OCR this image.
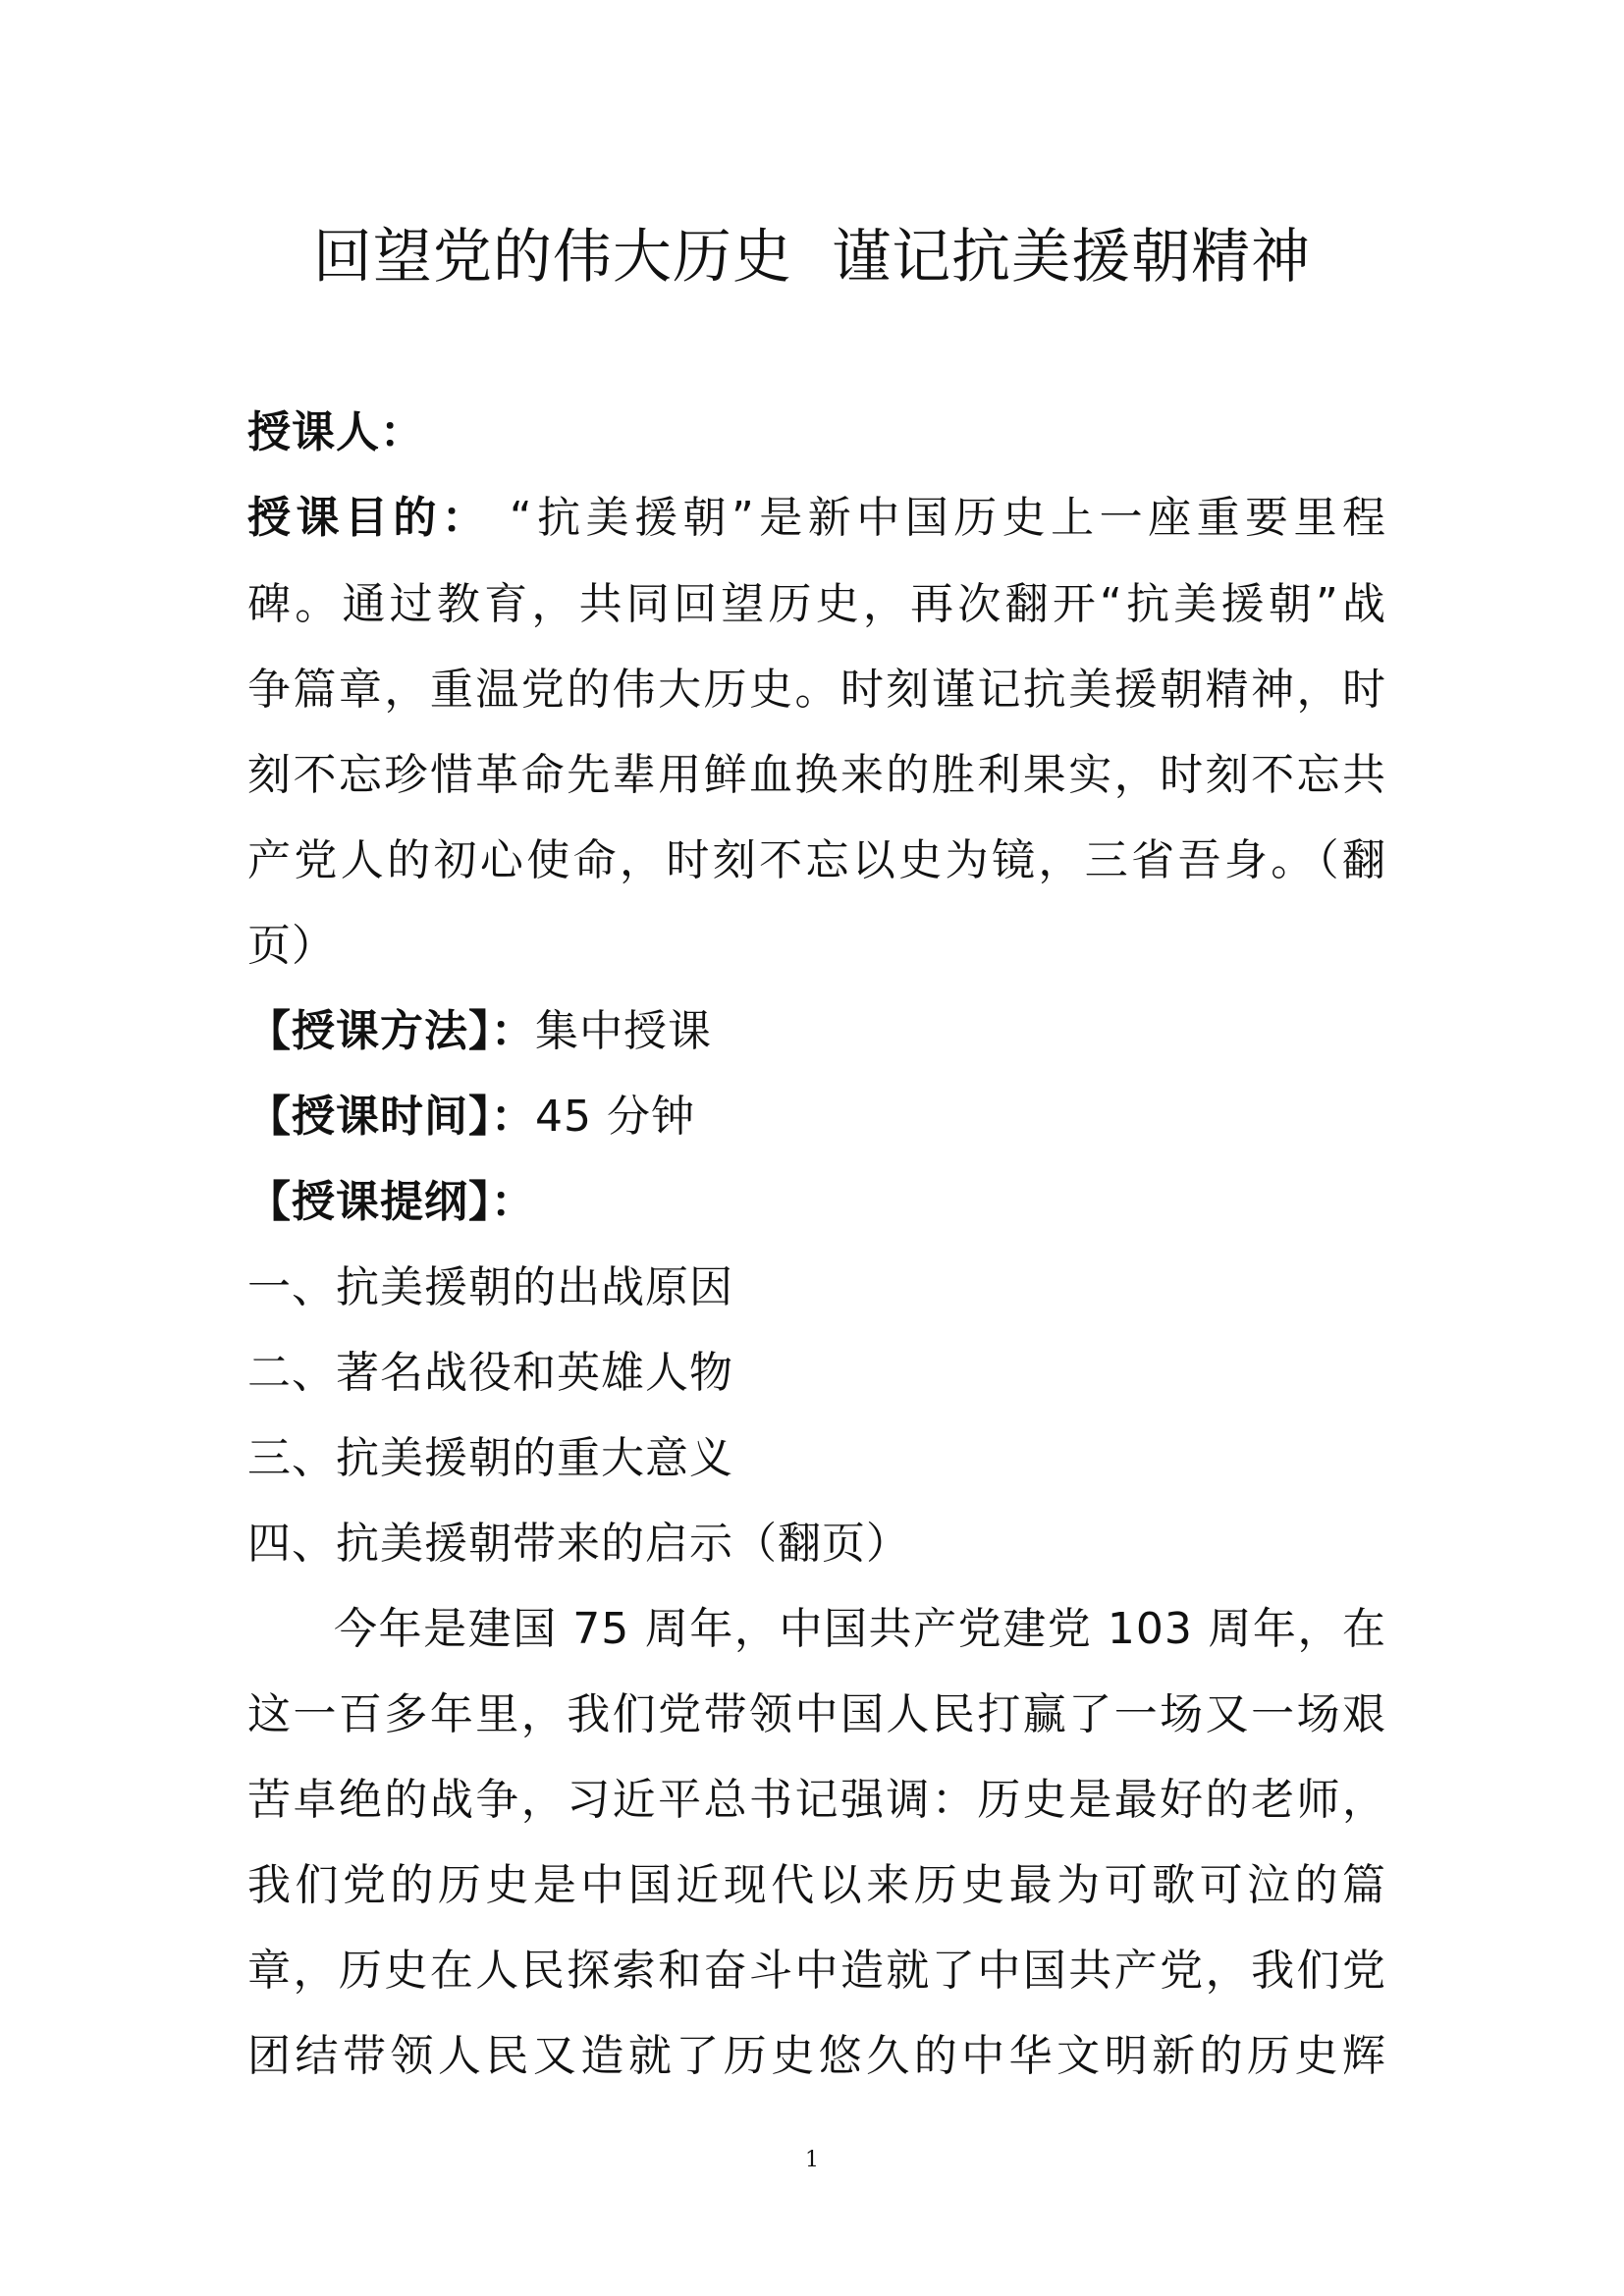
回望党的伟大历史  谨记抗美援朝精神
授课人：
授课目的： “抗美援朝”是新中国历史上一座重要里程
碑。通过教育，共同回望历史，再次翻开“抗美援朝”战
争篇章，重温党的伟大历史。时刻谨记抗美援朝精神，时
刻不忘珍惜革命先辈用鲜血换来的胜利果实，时刻不忘共
产党人的初心使命，时刻不忘以史为镜，三省吾身。（翻
页）
【授课方法】：集中授课
【授课时间】：45 分钟
【授课提纲】：
一、抗美援朝的出战原因
二、著名战役和英雄人物
三、抗美援朝的重大意义
四、抗美援朝带来的启示（翻页）
今年是建国 75 周年，中国共产党建党 103 周年，在
这一百多年里，我们党带领中国人民打赢了一场又一场艰
苦卓绝的战争，习近平总书记强调：历史是最好的老师，
我们党的历史是中国近现代以来历史最为可歌可泣的篇
章，历史在人民探索和奋斗中造就了中国共产党，我们党
团结带领人民又造就了历史悠久的中华文明新的历史辉
1
